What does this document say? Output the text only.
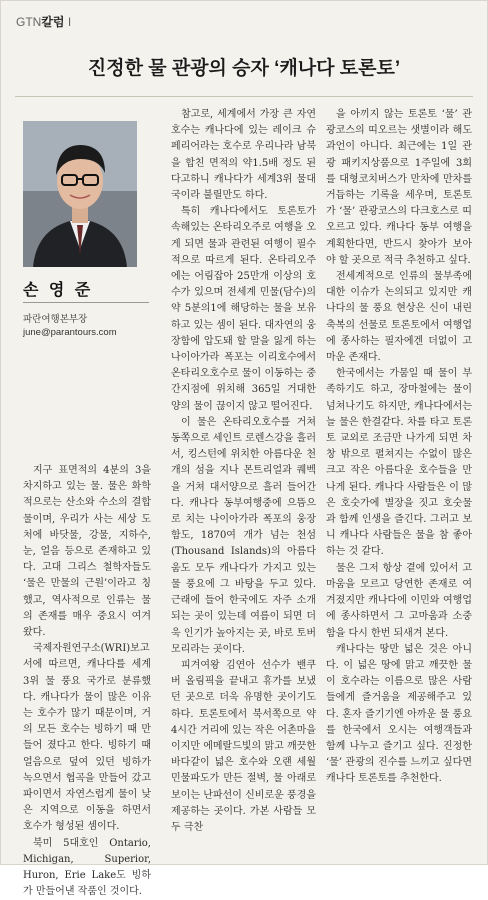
GTN칼럼 I
진정한 물 관광의 승자 ‘캐나다 토론토’
손 영 준
파란여행본부장
june@parantours.com

지구 표면적의 4분의 3을 차지하고 있는 물. 물은 화학적으로는 산소와 수소의 결합물이며, 우리가 사는 세상 도처에 바닷물, 강물, 지하수, 눈, 얼음 등으로 존재하고 있다. 고대 그리스 철학자들도 ‘물은 만물의 근원’이라고 칭했고, 역사적으로 인류는 물의 존재를 매우 중요시 여겨왔다.

국제자원연구소(WRI)보고서에 따르면, 캐나다를 세계 3위 물 풍요 국가로 분류했다. 캐나다가 물이 많은 이유는 호수가 많기 때문이며, 거의 모든 호수는 빙하기 때 만들어 졌다고 한다. 빙하기 때 얼음으로 덮여 있던 빙하가 녹으면서 협곡을 만들어 갔고 파이면서 자연스럽게 물이 낮은 지역으로 이동을 하면서 호수가 형성된 셈이다.

북미 5대호인 Ontario, Michigan, Superior, Huron, Erie Lake도 빙하가 만들어낸 작품인 것이다.

참고로, 세계에서 가장 큰 자연 호수는 캐나다에 있는 레이크 슈페리어라는 호수로 우리나라 남북을 합친 면적의 약1.5배 정도 된다고하니 캐나다가 세계3위 물대국이라 불릴만도 하다.

특히 캐나다에서도 토론토가 속해있는 온타리오주로 여행을 오게 되면 물과 관련된 여행이 필수적으로 따르게 된다. 온타리오주에는 어림잡아 25만개 이상의 호수가 있으며 전세계 민물(담수)의 약 5분의1에 해당하는 물을 보유하고 있는 셈이 된다. 대자연의 웅장함에 압도돼 할 말을 잃게 하는 나이아가라 폭포는 이리호수에서 온타리오호수로 물이 이동하는 중간지점에 위치해 365일 거대한 양의 물이 끊이지 않고 떨어진다.

이 물은 온타리오호수를 거쳐 동쪽으로 세인트 로렌스강을 흘러서, 킹스턴에 위치한 아름다운 천개의 섬을 지나 몬트리얼과 퀘벡을 거쳐 대서양으로 흘러 들어간다. 캐나다 동부여행중에 으뜸으로 치는 나이아가라 폭포의 웅장함도, 1870여 개가 넘는 천섬(Thousand Islands)의 아름다움도 모두 캐나다가 가지고 있는 물 풍요에 그 바탕을 두고 있다. 근래에 들어 한국에도 자주 소개되는 곳이 있는데 여름이 되면 더욱 인기가 높아지는 곳, 바로 토버모리라는 곳이다.

피겨여왕 김연아 선수가 밴쿠버 올림픽을 끝내고 휴가를 보냈던 곳으로 더욱 유명한 곳이기도 하다. 토론토에서 북서쪽으로 약 4시간 거리에 있는 작은 어촌마을이지만 에메랄드빛의 맑고 깨끗한 바다같이 넓은 호수와 오랜 세월 민물파도가 만든 절벽, 물 아래로 보이는 난파선이 신비로운 풍경을 제공하는 곳이다. 가본 사람들 모두 극찬

을 아끼지 않는 토론토 ‘물’ 관광코스의 띠오르는 샛별이라 해도 과언이 아니다. 최근에는 1일 관광 패키지상품으로 1주일에 3회를 대형코치버스가 만차에 만차를 거듭하는 기록을 세우며, 토론토가 ‘물’ 관광코스의 다크호스로 띠오르고 있다. 캐나다 동부 여행을 계획한다면, 반드시 찾아가 보아야 할 곳으로 적극 추천하고 싶다.

전세계적으로 인류의 물부족에 대한 이슈가 논의되고 있지만 캐나다의 물 풍요 현상은 신이 내린 축복의 선물로 토론토에서 여행업에 종사하는 필자에겐 더없이 고마운 존재다.

한국에서는 가뭄일 때 물이 부족하기도 하고, 장마철에는 물이 넘쳐나기도 하지만, 캐나다에서는 늘 물은 한결같다. 차를 타고 토론토 교외로 조금만 나가게 되면 차창 밖으로 펼쳐지는 수없이 많은 크고 작은 아름다운 호수들을 만나게 된다. 캐나다 사람들은 이 많은 호숫가에 별장을 짓고 호숫물과 함께 인생을 즐긴다. 그러고 보니 캐나다 사람들은 물을 참 좋아하는 것 같다.

물은 그저 항상 곁에 있어서 고마움을 모르고 당연한 존재로 여겨졌지만 캐나다에 이민와 여행업에 종사하면서 그 고마움과 소중함을 다시 한번 되새겨 본다.

캐나다는 땅만 넓은 것은 아니다. 이 넓은 땅에 맑고 깨끗한 물이 호수라는 이름으로 많은 사람들에게 즐거움을 제공해주고 있다. 혼자 즐기기엔 아까운 물 풍요를 한국에서 오시는 여행객들과 함께 나누고 즐기고 싶다. 진정한 ‘물’ 관광의 진수를 느끼고 싶다면 캐나다 토론토를 추천한다.
